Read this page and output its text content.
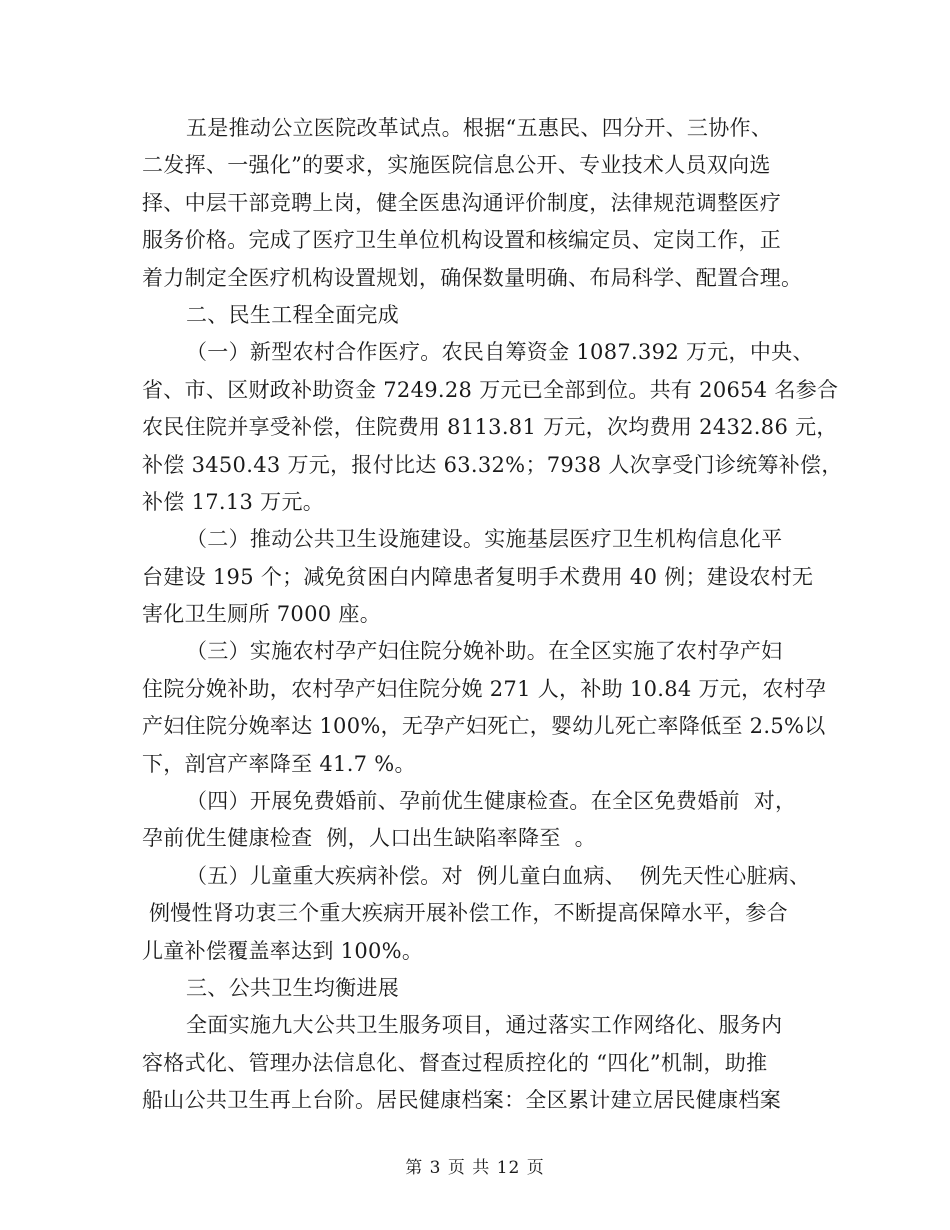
五是推动公立医院改革试点。根据“五惠民、四分开、三协作、
二发挥、一强化”的要求，实施医院信息公开、专业技术人员双向选
择、中层干部竞聘上岗，健全医患沟通评价制度，法律规范调整医疗
服务价格。完成了医疗卫生单位机构设置和核编定员、定岗工作，正
着力制定全医疗机构设置规划，确保数量明确、布局科学、配置合理。
二、民生工程全面完成
（一）新型农村合作医疗。农民自筹资金 1087.392 万元，中央、
省、市、区财政补助资金 7249.28 万元已全部到位。共有 20654 名参合
农民住院并享受补偿，住院费用 8113.81 万元，次均费用 2432.86 元，
补偿 3450.43 万元，报付比达 63.32%；7938 人次享受门诊统筹补偿，
补偿 17.13 万元。
（二）推动公共卫生设施建设。实施基层医疗卫生机构信息化平
台建设 195 个；减免贫困白内障患者复明手术费用 40 例；建设农村无
害化卫生厕所 7000 座。
（三）实施农村孕产妇住院分娩补助。在全区实施了农村孕产妇
住院分娩补助，农村孕产妇住院分娩 271 人，补助 10.84 万元，农村孕
产妇住院分娩率达 100%，无孕产妇死亡，婴幼儿死亡率降低至 2.5%以
下，剖宫产率降至 41.7 %。
（四）开展免费婚前、孕前优生健康检查。在全区免费婚前  对，
孕前优生健康检查  例，人口出生缺陷率降至  。
（五）儿童重大疾病补偿。对  例儿童白血病、  例先天性心脏病、
例慢性肾功衷三个重大疾病开展补偿工作，不断提高保障水平，参合
儿童补偿覆盖率达到 100%。
三、公共卫生均衡进展
全面实施九大公共卫生服务项目，通过落实工作网络化、服务内
容格式化、管理办法信息化、督查过程质控化的 “四化”机制，助推
船山公共卫生再上台阶。居民健康档案：全区累计建立居民健康档案
第 3 页 共 12 页
